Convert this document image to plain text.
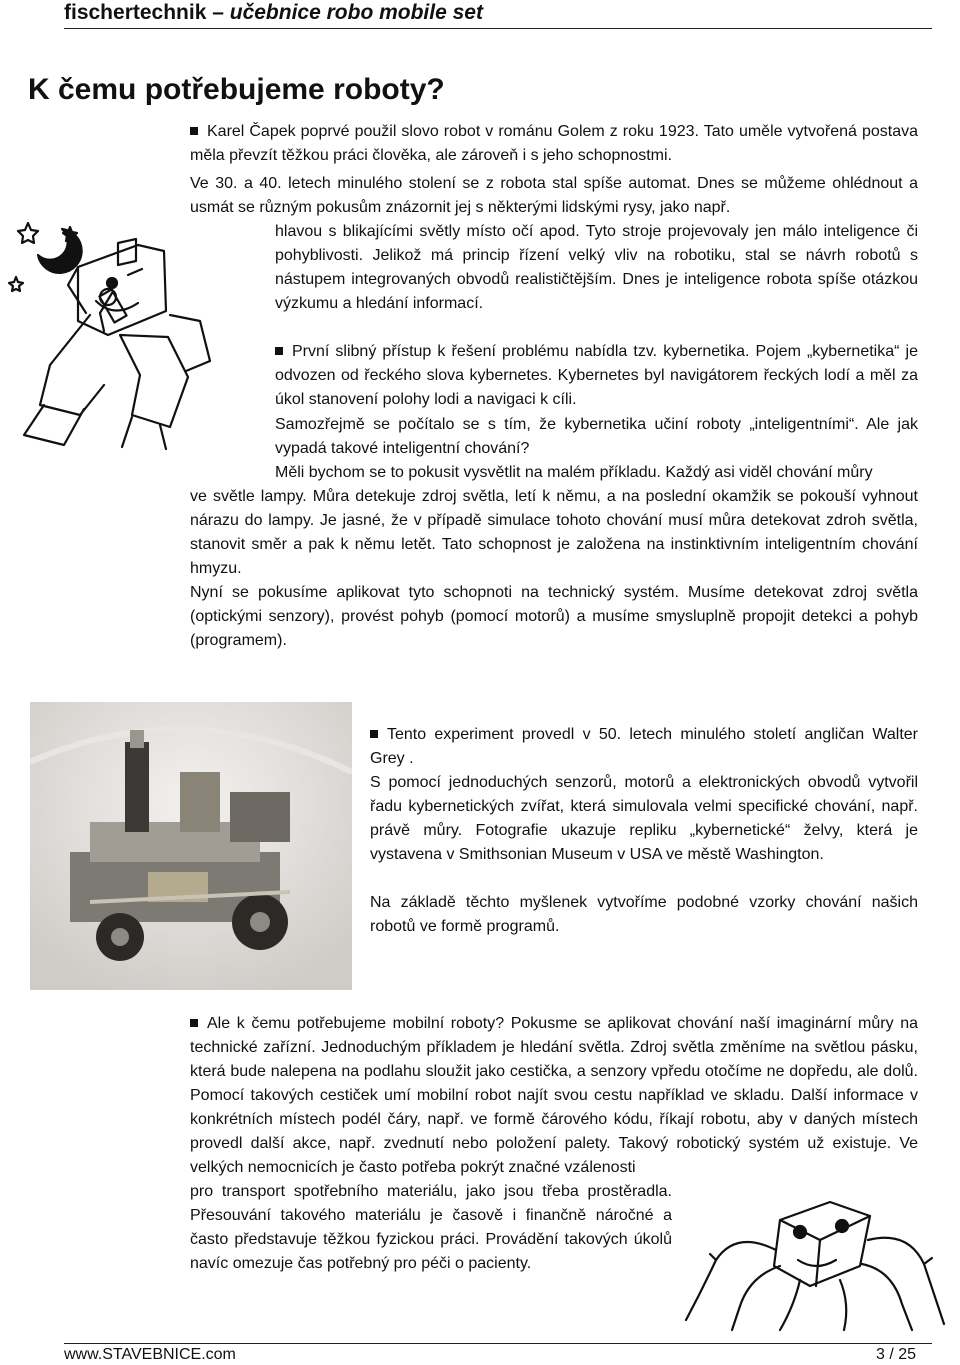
fischertechnik – učebnice robo mobile set
K čemu potřebujeme roboty?

Karel Čapek poprvé použil slovo robot v románu Golem z roku 1923. Tato uměle vytvořená postava měla převzít těžkou práci člověka, ale zároveň i s jeho schopnostmi.

Ve 30. a 40. letech minulého stolení se z robota stal spíše automat. Dnes se můžeme ohlédnout a usmát se různým pokusům znázornit jej s některými lidskými rysy, jako např.

hlavou s blikajícími světly místo očí apod. Tyto stroje projevovaly jen málo inteligence či pohyblivosti. Jelikož má princip řízení velký vliv na robotiku, stal se návrh robotů s nástupem integrovaných obvodů realističtějším. Dnes je inteligence robota spíše otázkou výzkumu a hledání informací.

První slibný přístup k řešení problému nabídla tzv. kybernetika. Pojem „kybernetika“ je odvozen od řeckého slova kybernetes. Kybernetes byl navigátorem řeckých lodí a měl za úkol stanovení polohy lodi a navigaci k cíli.

Samozřejmě se počítalo se s tím, že kybernetika učiní roboty „inteligentními“. Ale jak vypadá takové inteligentní chování?

Měli bychom se to pokusit vysvětlit na malém příkladu. Každý asi viděl chování můry

ve světle lampy. Můra detekuje zdroj světla, letí k němu, a na poslední okamžik se pokouší vyhnout nárazu do lampy. Je jasné, že v případě simulace tohoto chování musí můra detekovat zdroh světla, stanovit směr a pak k němu letět. Tato schopnost je založena na instinktivním inteligentním chování hmyzu.

Nyní se pokusíme aplikovat tyto schopnoti na technický systém. Musíme detekovat zdroj světla (optickými senzory), provést pohyb (pomocí motorů) a musíme smysluplně propojit detekci a pohyb (programem).

Tento experiment provedl v 50. letech minulého století angličan Walter Grey .

S pomocí jednoduchých senzorů, motorů a elektronických obvodů vytvořil řadu kybernetických zvířat, která simulovala velmi specifické chování, např. právě můry. Fotografie ukazuje repliku „kybernetické“ želvy, která je vystavena v Smithsonian Museum v USA ve městě Washington.

Na základě těchto myšlenek vytvoříme podobné vzorky chování našich robotů ve formě programů.

Ale k čemu potřebujeme mobilní roboty? Pokusme se aplikovat chování naší imaginární můry na technické zařízní. Jednoduchým příkladem je hledání světla. Zdroj světla změníme na světlou pásku, která bude nalepena na podlahu sloužit jako cestička, a senzory vpředu otočíme ne dopředu, ale dolů. Pomocí takových cestiček umí mobilní robot najít svou cestu například ve skladu. Další informace v konkrétních místech podél čáry, např. ve formě čárového kódu, říkají robotu, aby v daných místech provedl další akce, např. zvednutí nebo položení palety. Takový robotický systém už existuje. Ve velkých nemocnicích je často potřeba pokrýt značné vzálenosti

pro transport spotřebního materiálu, jako jsou třeba prostěradla. Přesouvání takového materiálu je časově i finančně náročné a často představuje těžkou fyzickou práci. Provádění takových úkolů navíc omezuje čas potřebný pro péči o pacienty.

www.STAVEBNICE.com	3 / 25
